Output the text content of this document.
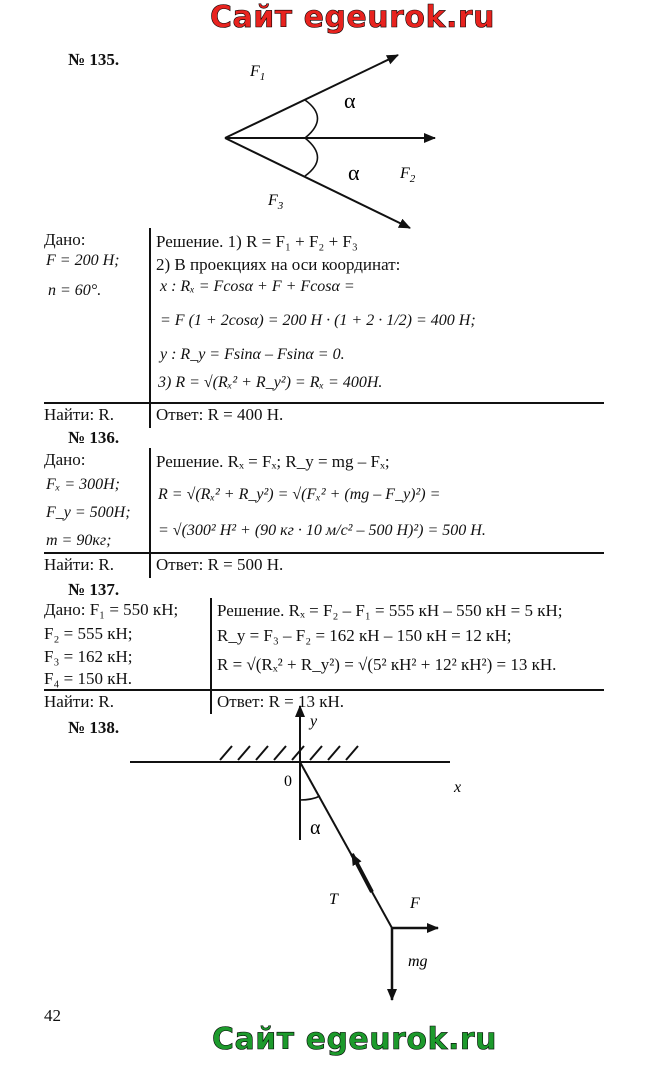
Сайт egeurok.ru
Сайт egeurok.ru
№ 135.
$F_1$
$F_2$
$F_3$
α
α
Дано:
F = 200 Н;
n = 60°.
Найти: R.
Решение. 1) R = F₁ + F₂ + F₃
2) В проекциях на оси координат:
x : Rₓ = Fcosα + F + Fcosα =
= F (1 + 2cosα) = 200 Н · (1 + 2 · 1/2) = 400 Н;
y : R_y = Fsinα – Fsinα = 0.
3) R = √(Rₓ² + R_y²) = Rₓ = 400H.
Ответ: R = 400 Н.
№ 136.
Дано:
Fₓ = 300H;
F_y = 500H;
m = 90кг;
Найти: R.
Решение. Rₓ = Fₓ; R_y = mg – Fₓ;
R = √(Rₓ² + R_y²) = √(Fₓ² + (mg – F_y)²) =
= √(300² Н² + (90 кг · 10 м/с² – 500 Н)²) = 500 Н.
Ответ: R = 500 Н.
№ 137.
Дано: F₁ = 550 кН;
F₂ = 555 кН;
F₃ = 162 кН;
F₄ = 150 кН.
Найти: R.
Решение. Rₓ = F₂ – F₁ = 555 кН – 550 кН = 5 кН;
R_y = F₃ – F₂ = 162 кН – 150 кН = 12 кН;
R = √(Rₓ² + R_y²) = √(5² кН² + 12² кН²) = 13 кН.
Ответ: R = 13 кН.
№ 138.	y
x
0
α
T	F
mg
42
